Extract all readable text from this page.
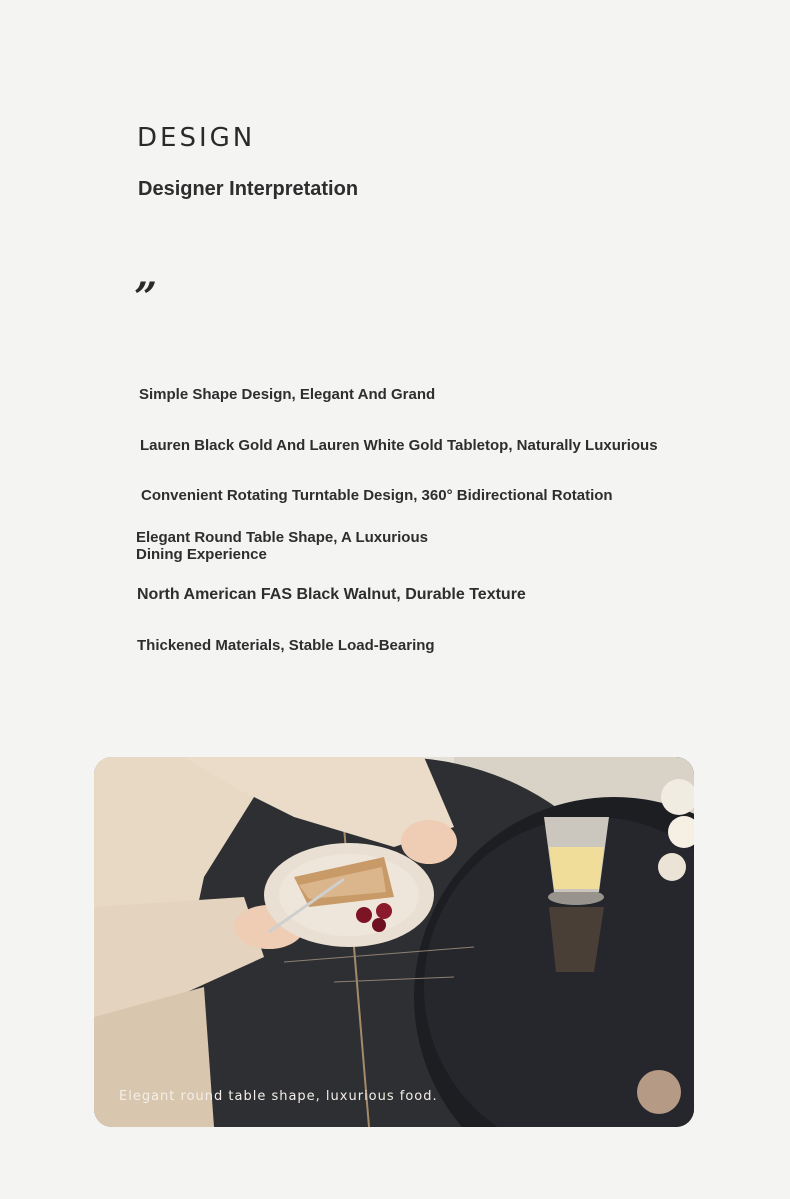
DESIGN
Designer Interpretation
”
Simple Shape Design, Elegant And Grand
Lauren Black Gold And Lauren White Gold Tabletop, Naturally Luxurious
Convenient Rotating Turntable Design, 360° Bidirectional Rotation
Elegant Round Table Shape, A Luxurious Dining Experience
North American FAS Black Walnut, Durable Texture
Thickened Materials, Stable Load-Bearing
Elegant round table shape, luxurious food.
